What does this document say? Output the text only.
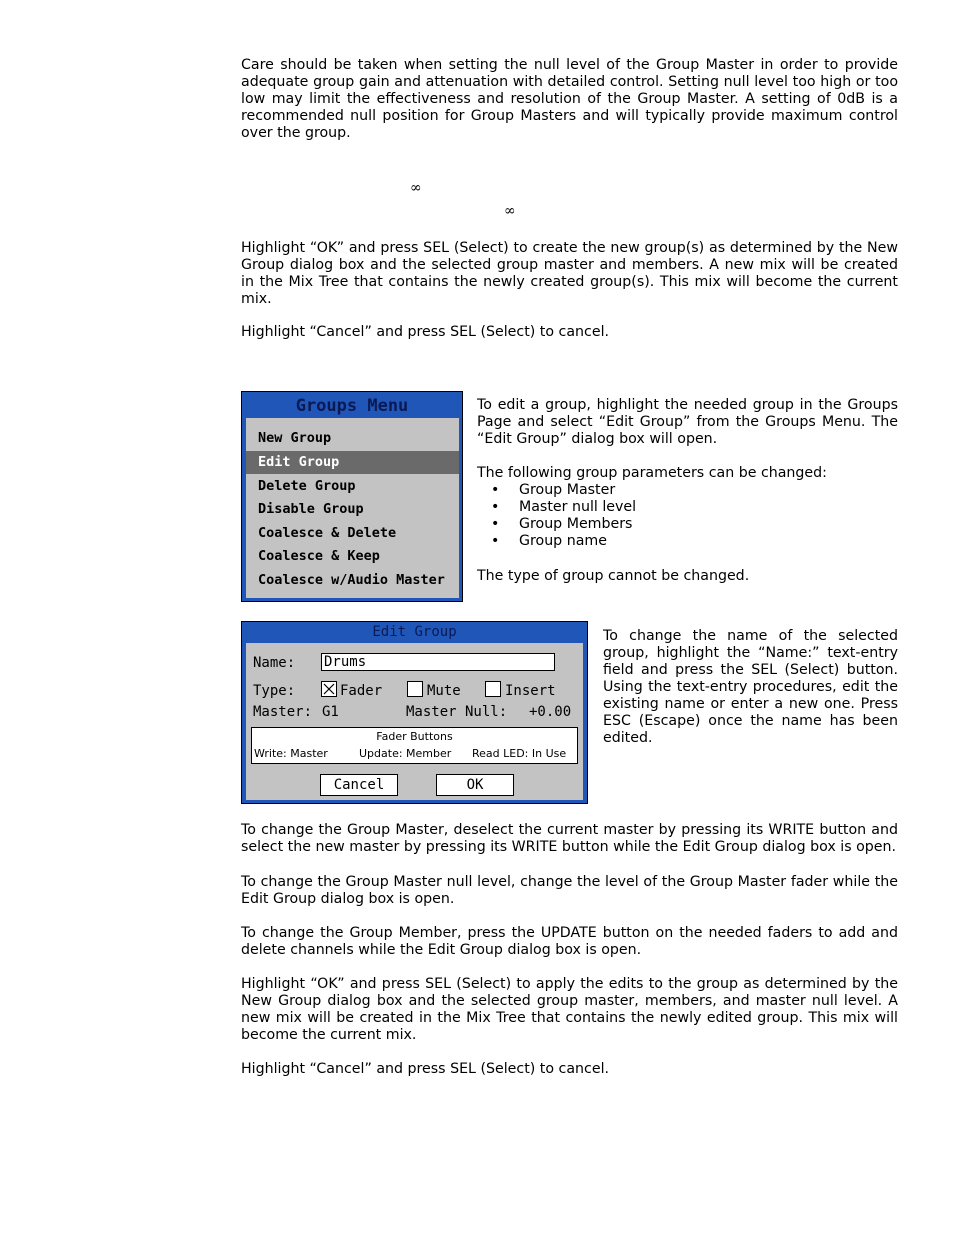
Care should be taken when setting the null level of the Group Master in order to provide adequate group gain and attenuation with detailed control. Setting null level too high or too low may limit the effectiveness and resolution of the Group Master. A setting of 0dB is a recommended null position for Group Masters and will typically provide maximum control over the group.

∞
∞

Highlight “OK” and press SEL (Select) to create the new group(s) as determined by the New Group dialog box and the selected group master and members. A new mix will be created in the Mix Tree that contains the newly created group(s). This mix will become the current mix.

Highlight “Cancel” and press SEL (Select) to cancel.

Groups Menu
New Group
Edit Group
Delete Group
Disable Group
Coalesce & Delete
Coalesce & Keep
Coalesce w/Audio Master

To edit a group, highlight the needed group in the Groups Page and select “Edit Group” from the Groups Menu. The “Edit Group” dialog box will open.

The following group parameters can be changed:

• Group Master
• Master null level
• Group Members
• Group name

The type of group cannot be changed.

Edit Group
Name: Drums
Type:	Fader	Mute	Insert
Master: G1	Master Null: +0.00
Fader Buttons
Write: Master	Update: Member Read LED: In Use
Cancel	OK

To change the name of the selected group, highlight the “Name:” text-entry field and press the SEL (Select) button. Using the text-entry procedures, edit the existing name or enter a new one. Press ESC (Escape) once the name has been edited.

To change the Group Master, deselect the current master by pressing its WRITE button and select the new master by pressing its WRITE button while the Edit Group dialog box is open.

To change the Group Master null level, change the level of the Group Master fader while the Edit Group dialog box is open.

To change the Group Member, press the UPDATE button on the needed faders to add and delete channels while the Edit Group dialog box is open.

Highlight “OK” and press SEL (Select) to apply the edits to the group as determined by the New Group dialog box and the selected group master, members, and master null level. A new mix will be created in the Mix Tree that contains the newly edited group. This mix will become the current mix.

Highlight “Cancel” and press SEL (Select) to cancel.
